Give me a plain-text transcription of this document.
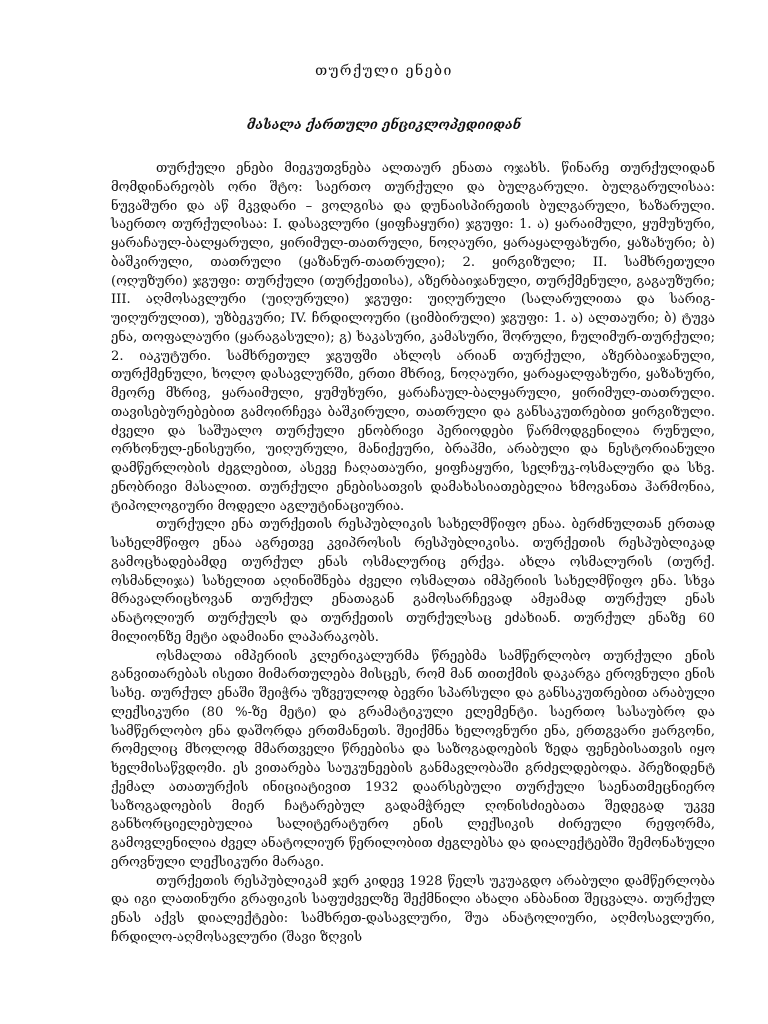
თურქული ენები
მასალა ქართული ენციკლოპედიიდან

თურქული ენები მიეკუთვნება ალთაურ ენათა ოჯახს. წინარე თურქულიდან მომდინარეობს ორი შტო: საერთო თურქული და ბულგარული. ბულგარულისაა: ნუვაშური და აწ მკვდარი – ვოლგისა და დუნაისპირეთის ბულგარული, ხაზარული. საერთო თურქულისაა: I. დასავლური (ყიფჩაყური) ჯგუფი: 1. ა) ყარაიმული, ყუმუხური, ყარაჩაულ-ბალყარული, ყირიმულ-თათრული, ნოღაური, ყარაყალფახური, ყაზახური; ბ) ბაშკირული, თათრული (ყაზანურ-თათრული); 2. ყირგიზული; II. სამხრეთული (ოღუზური) ჯგუფი: თურქული (თურქეთისა), აზერბაიჯანული, თურქმენული, გაგაუზური; III. აღმოსავლური (უიღურული) ჯგუფი: უიღურული (სალარულითა და სარიგ-უიღურულით), უზბეკური; IV. ჩრდილოური (ციმბირული) ჯგუფი: 1. ა) ალთაური; ბ) ტუვა ენა, თოფალაური (ყარაგასული); გ) ხაკასური, კამასური, შორული, ჩულიმურ-თურქული; 2. იაკუტური. სამხრეთულ ჯგუფში ახლოს არიან თურქული, აზერბაიჯანული, თურქმენული, ხოლო დასავლურში, ერთი მხრივ, ნოღაური, ყარაყალფახური, ყაზახური, მეორე მხრივ, ყარაიმული, ყუმუხური, ყარაჩაულ-ბალყარული, ყირიმულ-თათრული. თავისებურებებით გამოირჩევა ბაშკირული, თათრული და განსაკუთრებით ყირგიზული. ძველი და საშუალო თურქული ენობრივი პერიოდები წარმოდგენილია რუნული, ორხონულ-ენისეური, უიღურული, მანიქეური, ბრაჰმი, არაბული და ნესტორიანული დამწერლობის ძეგლებით, ასევე ჩაღათაური, ყიფჩაყური, სელჩუკ-ოსმალური და სხვ. ენობრივი მასალით. თურქული ენებისათვის დამახასიათებელია ხმოვანთა ჰარმონია, ტიპოლოგიური მოდელი აგლუტინაციურია.

თურქული ენა თურქეთის რესპუბლიკის სახელმწიფო ენაა. ბერძნულთან ერთად სახელმწიფო ენაა აგრეთვე კვიპროსის რესპუბლიკისა. თურქეთის რესპუბლიკად გამოცხადებამდე თურქულ ენას ოსმალურიც ერქვა. ახლა ოსმალურის (თურქ. ოსმანლიჯა) სახელით აღინიშნება ძველი ოსმალთა იმპერიის სახელმწიფო ენა. სხვა მრავალრიცხოვან თურქულ ენათაგან გამოსარჩევად ამჟამად თურქულ ენას ანატოლიურ თურქულს და თურქეთის თურქულსაც ეძახიან. თურქულ ენაზე 60 მილიონზე მეტი ადამიანი ლაპარაკობს.

ოსმალთა იმპერიის კლერიკალურმა წრეებმა სამწერლობო თურქული ენის განვითარებას ისეთი მიმართულება მისცეს, რომ მან თითქმის დაკარგა ეროვნული ენის სახე. თურქულ ენაში შეიჭრა უზვეულოდ ბევრი სპარსული და განსაკუთრებით არაბული ლექსიკური (80 %-ზე მეტი) და გრამატიკული ელემენტი. საერთო სასაუბრო და სამწერლობო ენა დაშორდა ერთმანეთს. შეიქმნა ხელოვნური ენა, ერთგვარი ჟარგონი, რომელიც მხოლოდ მმართველი წრეებისა და საზოგადოების ზედა ფენებისათვის იყო ხელმისაწვდომი. ეს ვითარება საუკუნეების განმავლობაში გრძელდებოდა. პრეზიდენტ ქემალ ათათურქის ინიციატივით 1932 დაარსებული თურქული საენათმეცნიერო საზოგადოების მიერ ჩატარებულ გადამჭრელ ღონისძიებათა შედეგად უკვე განხორციელებულია სალიტერატურო ენის ლექსიკის ძირეული რეფორმა, გამოვლენილია ძველ ანატოლიურ წერილობით ძეგლებსა და დიალექტებში შემონახული ეროვნული ლექსიკური მარაგი.

თურქეთის რესპუბლიკამ ჯერ კიდევ 1928 წელს უკუაგდო არაბული დამწერლობა და იგი ლათინური გრაფიკის საფუძველზე შექმნილი ახალი ანბანით შეცვალა. თურქულ ენას აქვს დიალექტები: სამხრეთ-დასავლური, შუა ანატოლიური, აღმოსავლური, ჩრდილო-აღმოსავლური (შავი ზღვის
